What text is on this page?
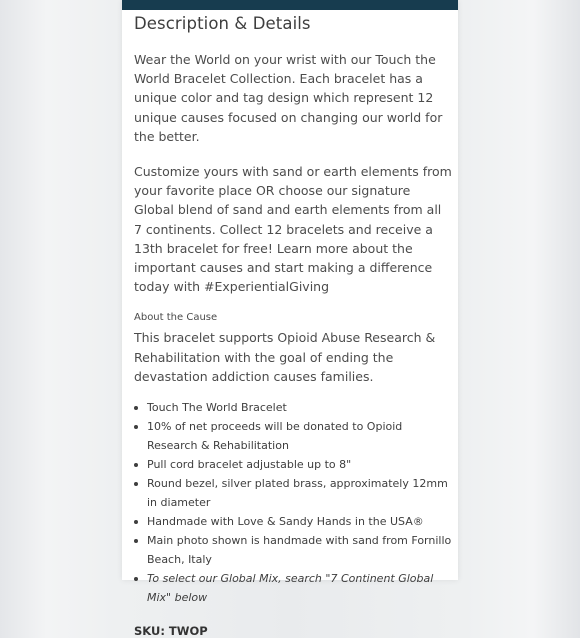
Description & Details

Wear the World on your wrist with our Touch the World Bracelet Collection. Each bracelet has a unique color and tag design which represent 12 unique causes focused on changing our world for the better.

Customize yours with sand or earth elements from your favorite place OR choose our signature Global blend of sand and earth elements from all 7 continents. Collect 12 bracelets and receive a 13th bracelet for free! Learn more about the important causes and start making a difference today with #ExperientialGiving

About the Cause

This bracelet supports Opioid Abuse Research & Rehabilitation with the goal of ending the devastation addiction causes families.

Touch The World Bracelet
10% of net proceeds will be donated to Opioid Research & Rehabilitation
Pull cord bracelet adjustable up to 8"
Round bezel, silver plated brass, approximately 12mm in diameter
Handmade with Love & Sandy Hands in the USA®
Main photo shown is handmade with sand from Fornillo Beach, Italy
To select our Global Mix, search "7 Continent Global Mix" below
SKU: TWOP
